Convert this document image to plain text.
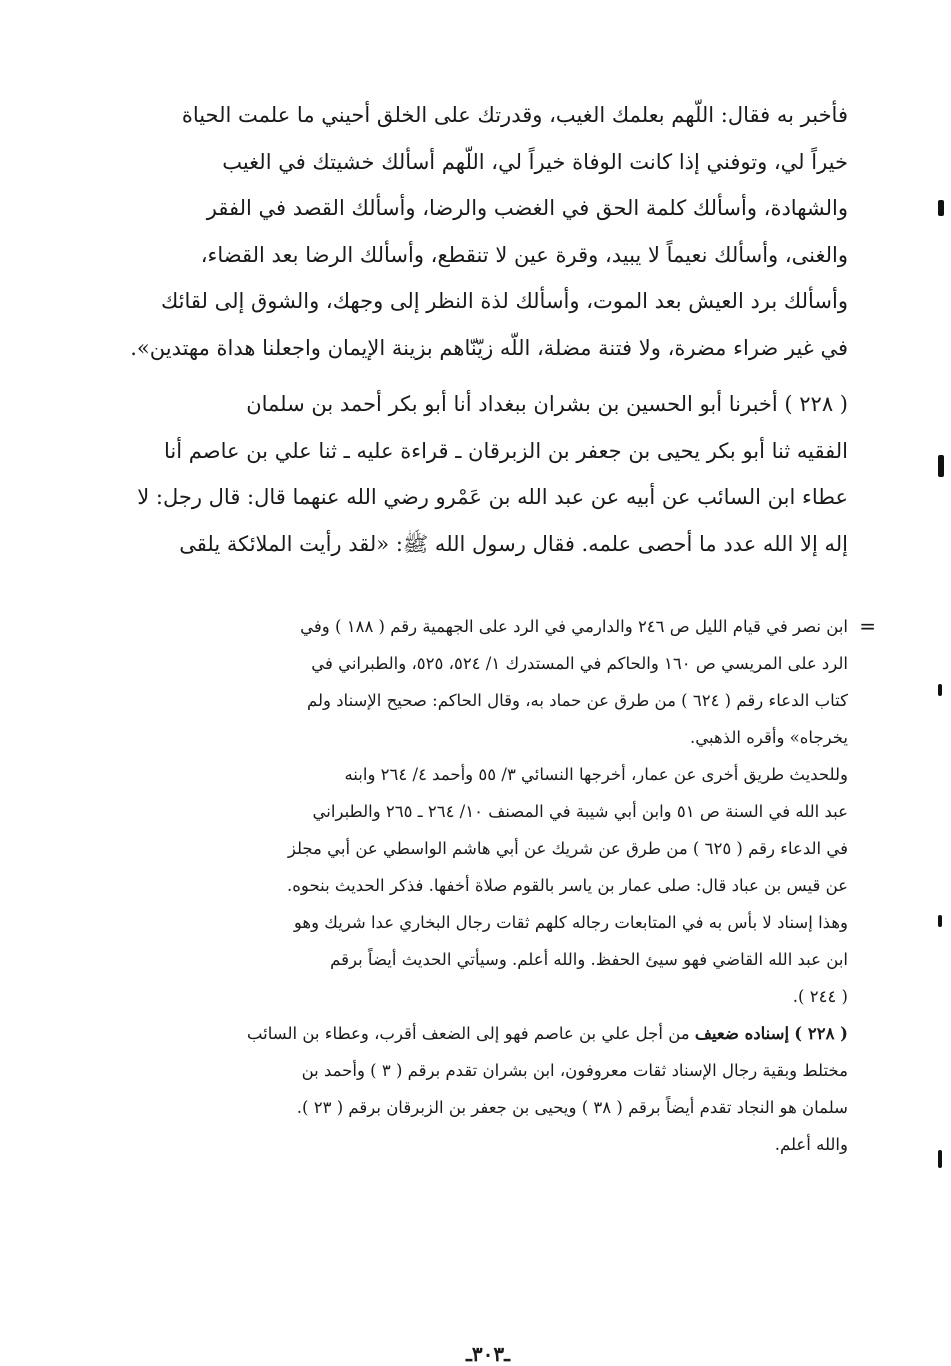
فأخبر به فقال: اللّهم بعلمك الغيب، وقدرتك على الخلق أحيني ما علمت الحياة
خيراً لي، وتوفني إذا كانت الوفاة خيراً لي، اللّهم أسألك خشيتك في الغيب
والشهادة، وأسألك كلمة الحق في الغضب والرضا، وأسألك القصد في الفقر
والغنى، وأسألك نعيماً لا يبيد، وقرة عين لا تنقطع، وأسألك الرضا بعد القضاء،
وأسألك برد العيش بعد الموت، وأسألك لذة النظر إلى وجهك، والشوق إلى لقائك
في غير ضراء مضرة، ولا فتنة مضلة، اللّه زيّنّاهم بزينة الإيمان واجعلنا هداة مهتدين».

( ٢٢٨ ) أخبرنا أبو الحسين بن بشران ببغداد أنا أبو بكر أحمد بن سلمان
الفقيه ثنا أبو بكر يحيى بن جعفر بن الزبرقان ـ قراءة عليه ـ ثنا علي بن عاصم أنا
عطاء ابن السائب عن أبيه عن عبد الله بن عَمْرو رضي الله عنهما قال: قال رجل: لا
إله إلا الله عدد ما أحصى علمه. فقال رسول الله ﷺ: «لقد رأيت الملائكة يلقى

=
ابن نصر في قيام الليل ص ٢٤٦ والدارمي في الرد على الجهمية رقم ( ١٨٨ ) وفي
الرد على المريسي ص ١٦٠ والحاكم في المستدرك ١/ ٥٢٤، ٥٢٥، والطبراني في
كتاب الدعاء رقم ( ٦٢٤ ) من طرق عن حماد به، وقال الحاكم: صحيح الإسناد ولم
يخرجاه» وأقره الذهبي.
وللحديث طريق أخرى عن عمار، أخرجها النسائي ٣/ ٥٥ وأحمد ٤/ ٢٦٤ وابنه
عبد الله في السنة ص ٥١ وابن أبي شيبة في المصنف ١٠/ ٢٦٤ ـ ٢٦٥ والطبراني
في الدعاء رقم ( ٦٢٥ ) من طرق عن شريك عن أبي هاشم الواسطي عن أبي مجلز
عن قيس بن عباد قال: صلى عمار بن ياسر بالقوم صلاة أخفها. فذكر الحديث بنحوه.
وهذا إسناد لا بأس به في المتابعات رجاله كلهم ثقات رجال البخاري عدا شريك وهو
ابن عبد الله القاضي فهو سيئ الحفظ. والله أعلم. وسيأتي الحديث أيضاً برقم
( ٢٤٤ ).
( ٢٢٨ ) إسناده ضعيف من أجل علي بن عاصم فهو إلى الضعف أقرب، وعطاء بن السائب
مختلط وبقية رجال الإسناد ثقات معروفون، ابن بشران تقدم برقم ( ٣ ) وأحمد بن
سلمان هو النجاد تقدم أيضاً برقم ( ٣٨ ) ويحيى بن جعفر بن الزبرقان برقم ( ٢٣ ).
والله أعلم.
ـ٣٠٣ـ
